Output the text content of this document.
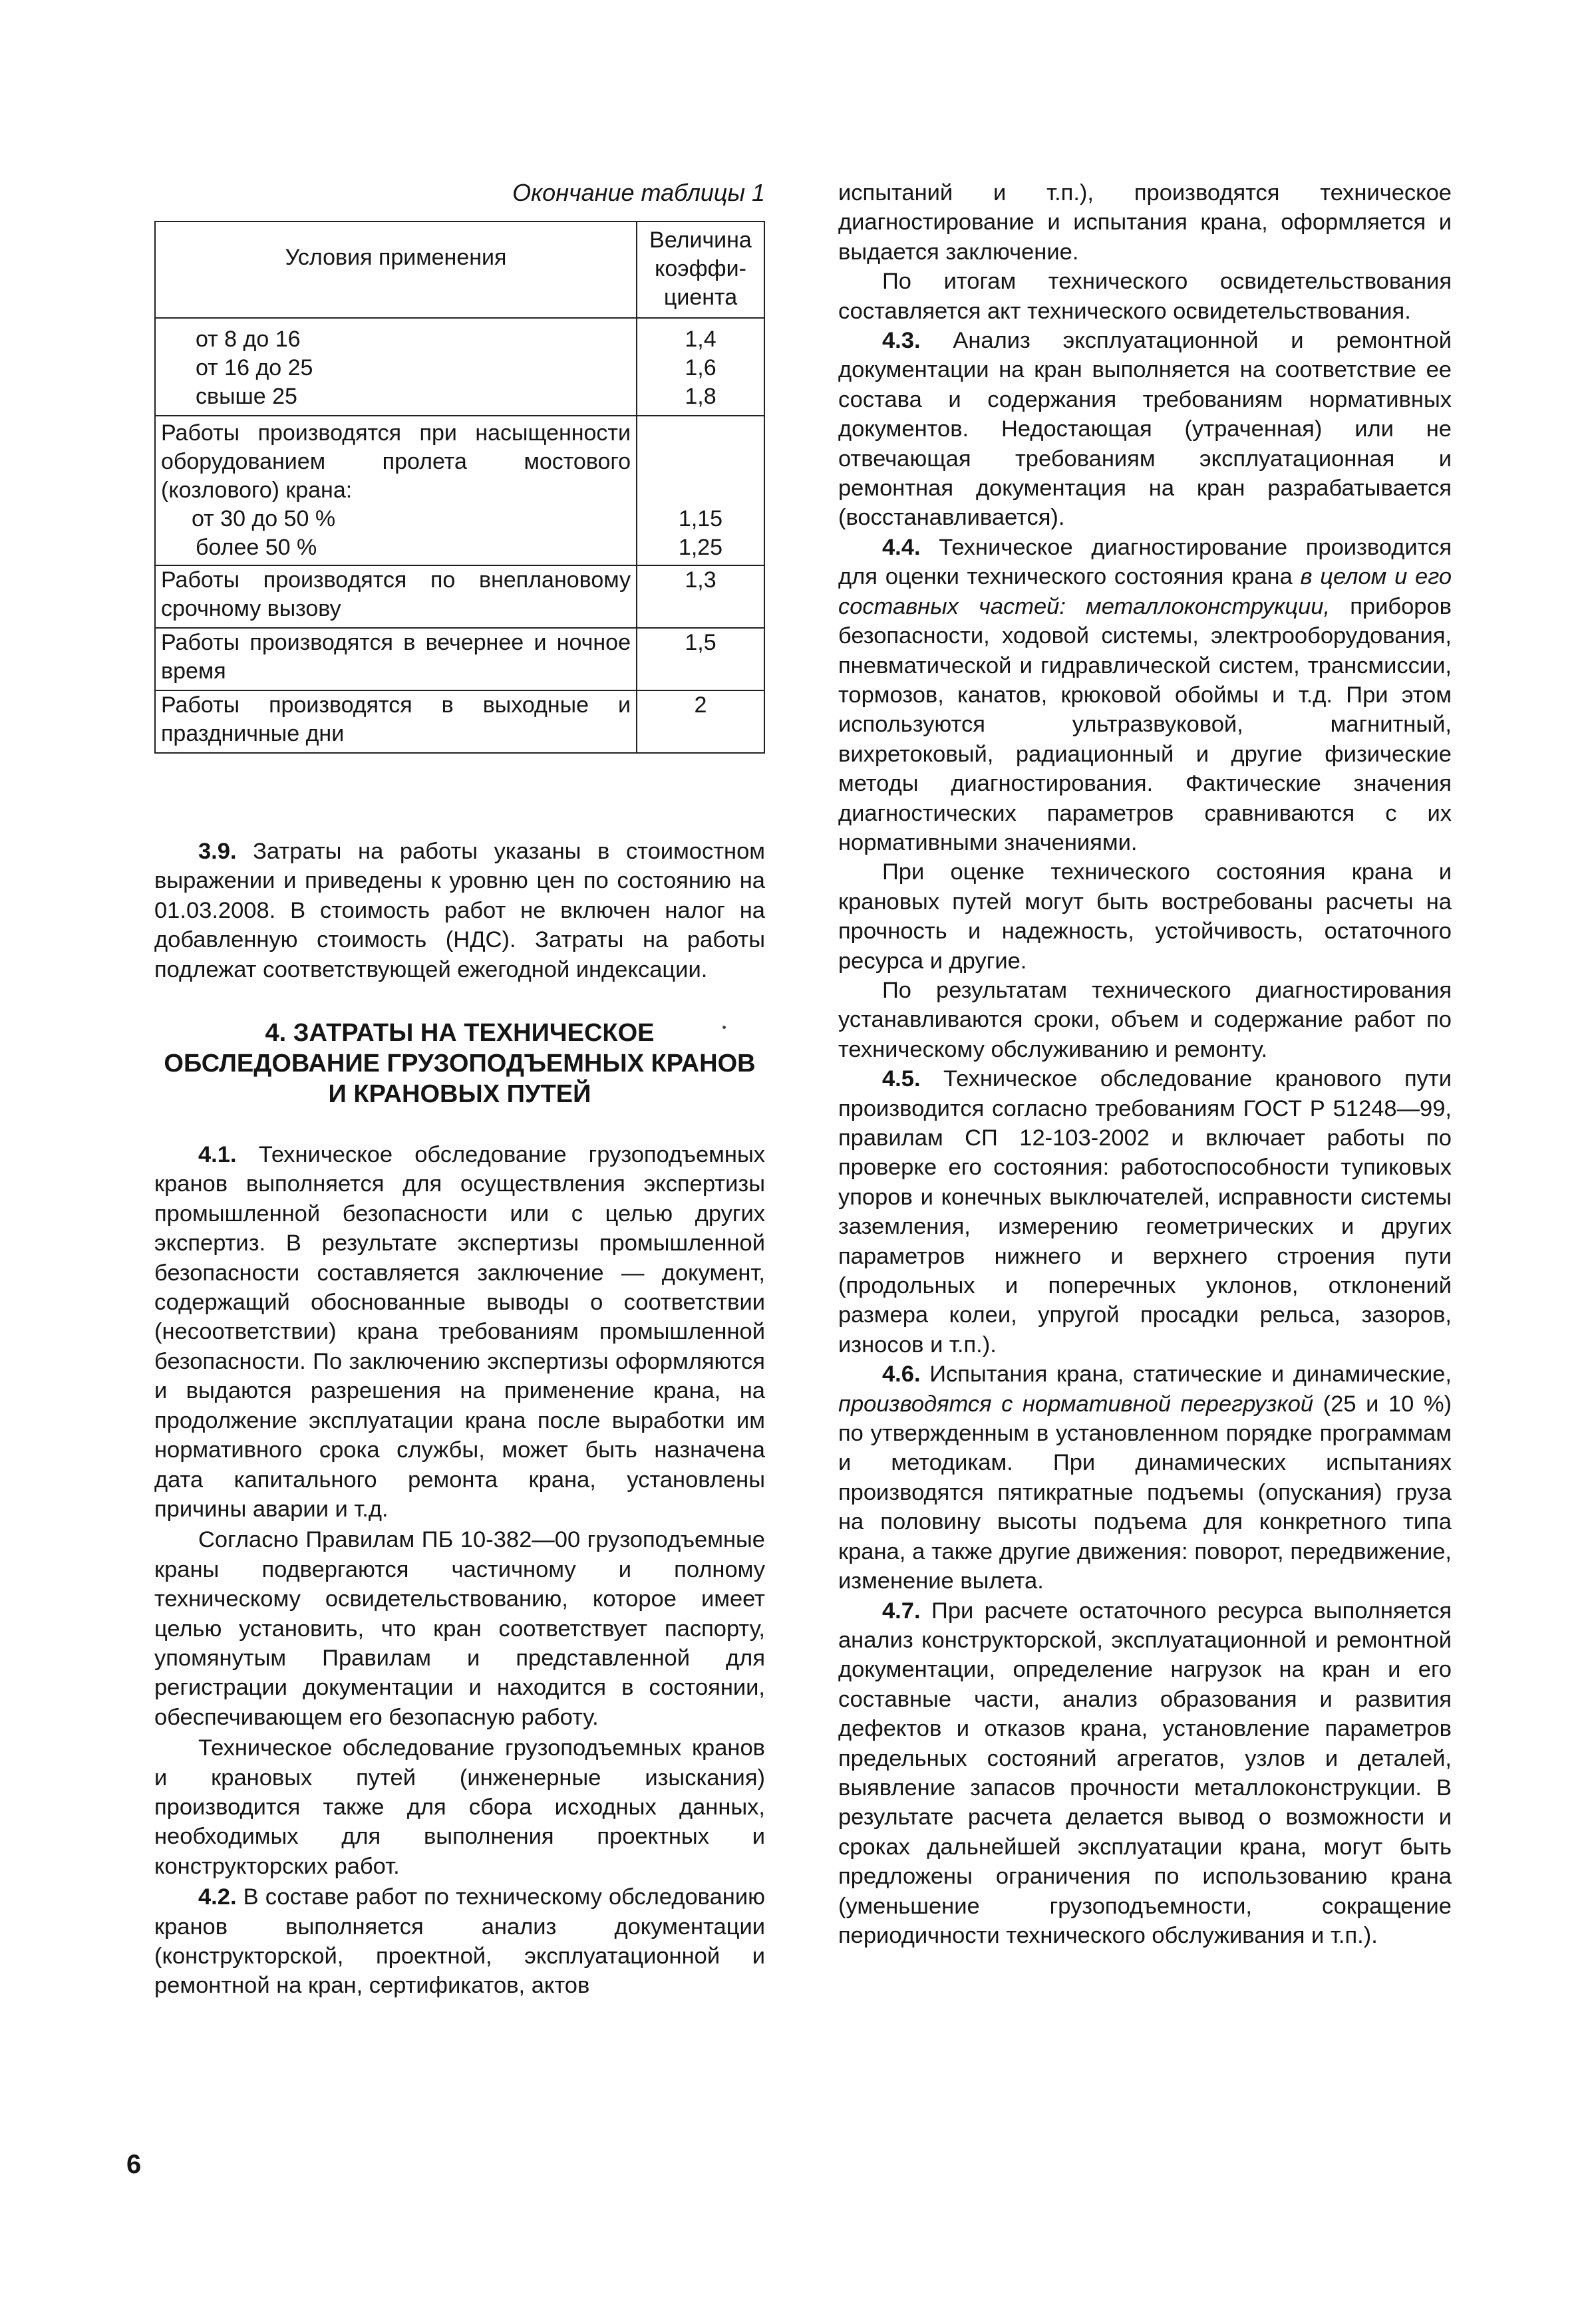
Окончание таблицы 1
Условия применения	Величина коэффи-циента
от 8 до 16	1,4
от 16 до 25	1,6
свыше 25	1,8
Работы производятся при насыщенности оборудованием пролета мостового (козлового) крана:	
от 30 до 50 %	1,15
более 50 %	1,25
Работы производятся по внеплановому срочному вызову	1,3
Работы производятся в вечернее и ночное время	1,5
Работы производятся в выходные и праздничные дни	2

3.9. Затраты на работы указаны в стоимостном выражении и приведены к уровню цен по состоянию на 01.03.2008. В стоимость работ не включен налог на добавленную стоимость (НДС). Затраты на работы подлежат соответствующей ежегодной индексации.

4. ЗАТРАТЫ НА ТЕХНИЧЕСКОЕ ОБСЛЕДОВАНИЕ ГРУЗОПОДЪЕМНЫХ КРАНОВ И КРАНОВЫХ ПУТЕЙ

4.1. Техническое обследование грузоподъемных кранов выполняется для осуществления экспертизы промышленной безопасности или с целью других экспертиз. В результате экспертизы промышленной безопасности составляется заключение — документ, содержащий обоснованные выводы о соответствии (несоответствии) крана требованиям промышленной безопасности. По заключению экспертизы оформляются и выдаются разрешения на применение крана, на продолжение эксплуатации крана после выработки им нормативного срока службы, может быть назначена дата капитального ремонта крана, установлены причины аварии и т.д.

Согласно Правилам ПБ 10-382—00 грузоподъемные краны подвергаются частичному и полному техническому освидетельствованию, которое имеет целью установить, что кран соответствует паспорту, упомянутым Правилам и представленной для регистрации документации и находится в состоянии, обеспечивающем его безопасную работу.

Техническое обследование грузоподъемных кранов и крановых путей (инженерные изыскания) производится также для сбора исходных данных, необходимых для выполнения проектных и конструкторских работ.

4.2. В составе работ по техническому обследованию кранов выполняется анализ документации (конструкторской, проектной, эксплуатационной и ремонтной на кран, сертификатов, актов

испытаний и т.п.), производятся техническое диагностирование и испытания крана, оформляется и выдается заключение.

По итогам технического освидетельствования составляется акт технического освидетельствования.

4.3. Анализ эксплуатационной и ремонтной документации на кран выполняется на соответствие ее состава и содержания требованиям нормативных документов. Недостающая (утраченная) или не отвечающая требованиям эксплуатационная и ремонтная документация на кран разрабатывается (восстанавливается).

4.4. Техническое диагностирование производится для оценки технического состояния крана в целом и его составных частей: металлоконструкции, приборов безопасности, ходовой системы, электрооборудования, пневматической и гидравлической систем, трансмиссии, тормозов, канатов, крюковой обоймы и т.д. При этом используются ультразвуковой, магнитный, вихретоковый, радиационный и другие физические методы диагностирования. Фактические значения диагностических параметров сравниваются с их нормативными значениями.

При оценке технического состояния крана и крановых путей могут быть востребованы расчеты на прочность и надежность, устойчивость, остаточного ресурса и другие.

По результатам технического диагностирования устанавливаются сроки, объем и содержание работ по техническому обслуживанию и ремонту.

4.5. Техническое обследование кранового пути производится согласно требованиям ГОСТ Р 51248—99, правилам СП 12-103-2002 и включает работы по проверке его состояния: работоспособности тупиковых упоров и конечных выключателей, исправности системы заземления, измерению геометрических и других параметров нижнего и верхнего строения пути (продольных и поперечных уклонов, отклонений размера колеи, упругой просадки рельса, зазоров, износов и т.п.).

4.6. Испытания крана, статические и динамические, производятся с нормативной перегрузкой (25 и 10 %) по утвержденным в установленном порядке программам и методикам. При динамических испытаниях производятся пятикратные подъемы (опускания) груза на половину высоты подъема для конкретного типа крана, а также другие движения: поворот, передвижение, изменение вылета.

4.7. При расчете остаточного ресурса выполняется анализ конструкторской, эксплуатационной и ремонтной документации, определение нагрузок на кран и его составные части, анализ образования и развития дефектов и отказов крана, установление параметров предельных состояний агрегатов, узлов и деталей, выявление запасов прочности металлоконструкции. В результате расчета делается вывод о возможности и сроках дальнейшей эксплуатации крана, могут быть предложены ограничения по использованию крана (уменьшение грузоподъемности, сокращение периодичности технического обслуживания и т.п.).

6
